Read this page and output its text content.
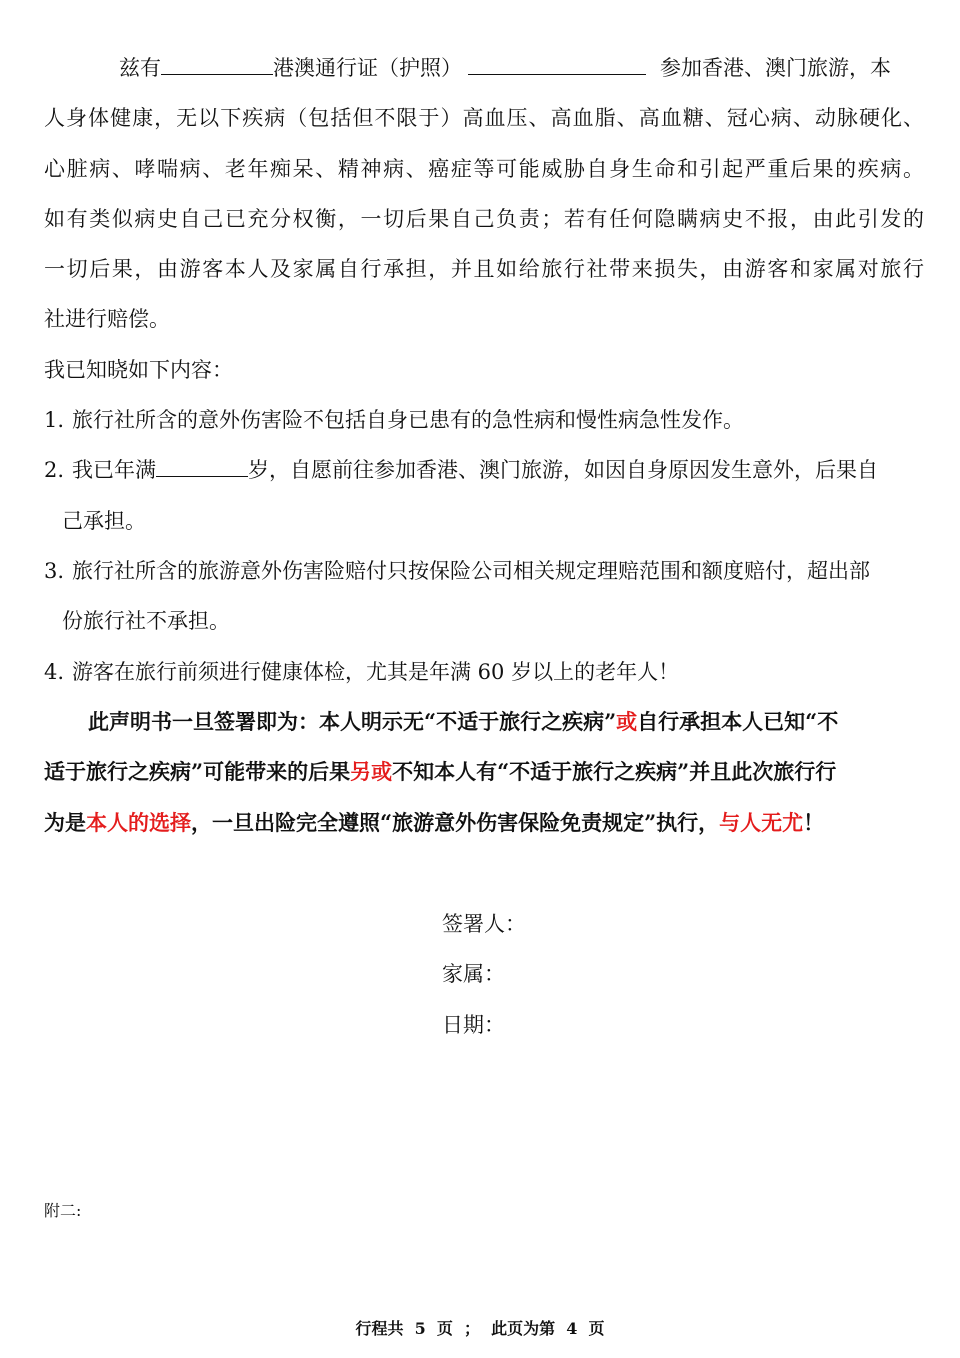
兹有	港澳通行证（护照）	参加香港、澳门旅游，本
人身体健康，无以下疾病（包括但不限于）高血压、高血脂、高血糖、冠心病、动脉硬化、
心脏病、哮喘病、老年痴呆、精神病、癌症等可能威胁自身生命和引起严重后果的疾病。
如有类似病史自己已充分权衡，一切后果自己负责；若有任何隐瞒病史不报，由此引发的
一切后果，由游客本人及家属自行承担，并且如给旅行社带来损失，由游客和家属对旅行
社进行赔偿。
我已知晓如下内容：
1. 旅行社所含的意外伤害险不包括自身已患有的急性病和慢性病急性发作。
2. 我已年满	岁，自愿前往参加香港、澳门旅游，如因自身原因发生意外，后果自
己承担。
3. 旅行社所含的旅游意外伤害险赔付只按保险公司相关规定理赔范围和额度赔付，超出部
份旅行社不承担。
4. 游客在旅行前须进行健康体检，尤其是年满 60 岁以上的老年人！
此声明书一旦签署即为：本人明示无“不适于旅行之疾病”或自行承担本人已知“不
适于旅行之疾病”可能带来的后果另或不知本人有“不适于旅行之疾病”并且此次旅行行
为是本人的选择，一旦出险完全遵照“旅游意外伤害保险免责规定”执行，与人无尤！
签署人：
家属：
日期：
附二:
行程共  5  页  ；  此页为第  4  页
